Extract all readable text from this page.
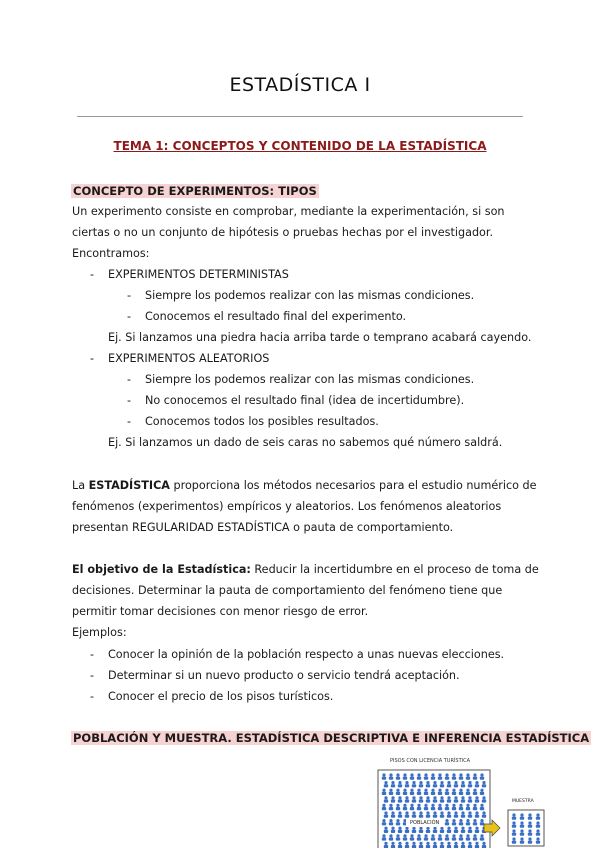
ESTADÍSTICA I
TEMA 1: CONCEPTOS Y CONTENIDO DE LA ESTADÍSTICA
CONCEPTO DE EXPERIMENTOS: TIPOS
Un experimento consiste en comprobar, mediante la experimentación, si son
ciertas o no un conjunto de hipótesis o pruebas hechas por el investigador.
Encontramos:
- EXPERIMENTOS DETERMINISTAS
- Siempre los podemos realizar con las mismas condiciones.
- Conocemos el resultado final del experimento.
Ej. Si lanzamos una piedra hacia arriba tarde o temprano acabará cayendo.
- EXPERIMENTOS ALEATORIOS
- Siempre los podemos realizar con las mismas condiciones.
- No conocemos el resultado final (idea de incertidumbre).
- Conocemos todos los posibles resultados.
Ej. Si lanzamos un dado de seis caras no sabemos qué número saldrá.
La ESTADÍSTICA proporciona los métodos necesarios para el estudio numérico de
fenómenos (experimentos) empíricos y aleatorios. Los fenómenos aleatorios
presentan REGULARIDAD ESTADÍSTICA o pauta de comportamiento.
El objetivo de la Estadística: Reducir la incertidumbre en el proceso de toma de
decisiones. Determinar la pauta de comportamiento del fenómeno tiene que
permitir tomar decisiones con menor riesgo de error.
Ejemplos:
- Conocer la opinión de la población respecto a unas nuevas elecciones.
- Determinar si un nuevo producto o servicio tendrá aceptación.
- Conocer el precio de los pisos turísticos.
POBLACIÓN Y MUESTRA. ESTADÍSTICA DESCRIPTIVA E INFERENCIA ESTADÍSTICA
PISOS CON LICENCIA TURÍSTICA
POBLACIÓN
MUESTRA
